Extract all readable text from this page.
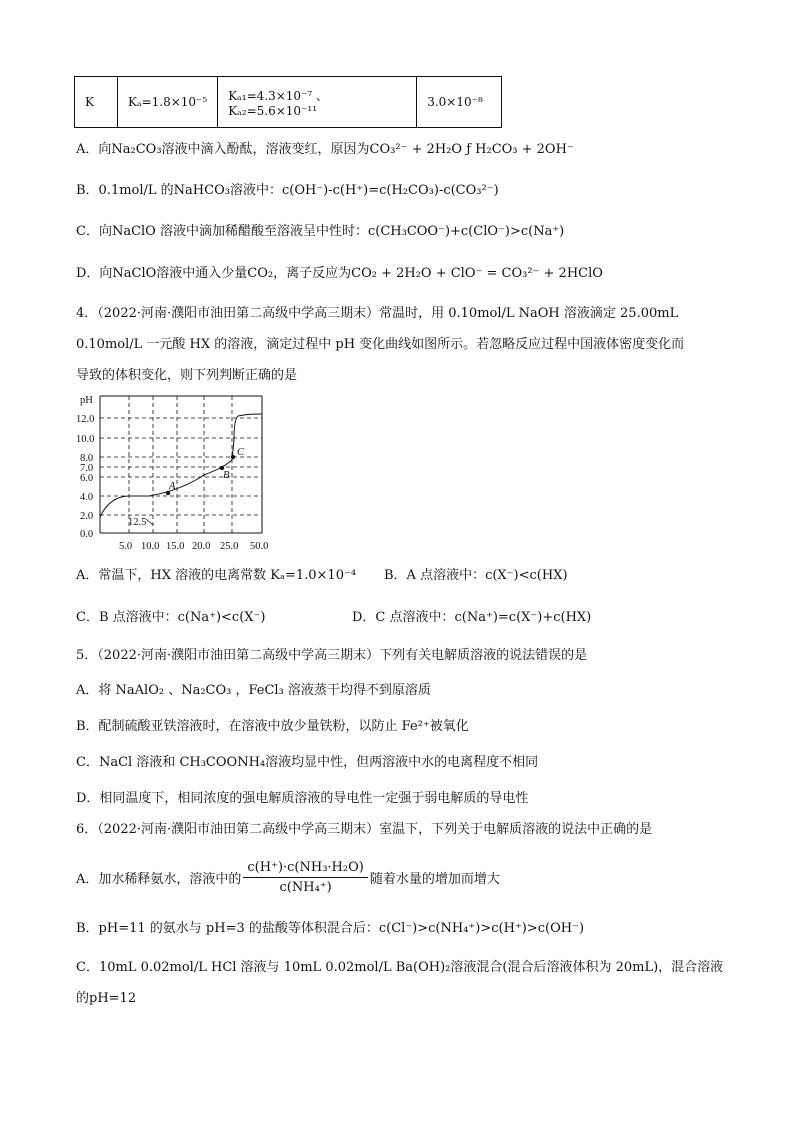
K	Kₐ=1.8×10⁻⁵	Kₐ₁=4.3×10⁻⁷ 、 Kₐ₂=5.6×10⁻¹¹	3.0×10⁻⁸
A．向Na₂CO₃溶液中滴入酚酞，溶液变红，原因为CO₃²⁻ + 2H₂O ƒ H₂CO₃ + 2OH⁻
B．0.1mol/L 的NaHCO₃溶液中：c(OH⁻)-c(H⁺)=c(H₂CO₃)-c(CO₃²⁻)
C．向NaClO 溶液中滴加稀醋酸至溶液呈中性时：c(CH₃COO⁻)+c(ClO⁻)>c(Na⁺)
D．向NaClO溶液中通入少量CO₂，离子反应为CO₂ + 2H₂O + ClO⁻ = CO₃²⁻ + 2HClO
4．（2022·河南·濮阳市油田第二高级中学高三期末）常温时，用 0.10mol/L NaOH 溶液滴定 25.00mL
0.10mol/L 一元酸 HX 的溶液，滴定过程中 pH 变化曲线如图所示。若忽略反应过程中国液体密度变化而
导致的体积变化，则下列判断正确的是
pH
12.0
10.0
8.0
7.0
6.0
4.0
2.0
0.0
5.0 10.0 15.0 20.0 25.0 50.0
12.5
A
B
C
A．常温下，HX 溶液的电离常数 Kₐ=1.0×10⁻⁴ B．A 点溶液中：c(X⁻)<c(HX)
C．B 点溶液中：c(Na⁺)<c(X⁻)	D．C 点溶液中：c(Na⁺)=c(X⁻)+c(HX)
5．（2022·河南·濮阳市油田第二高级中学高三期末）下列有关电解质溶液的说法错误的是
A．将 NaAlO₂ 、Na₂CO₃ ，FeCl₃ 溶液蒸干均得不到原溶质
B．配制硫酸亚铁溶液时，在溶液中放少量铁粉，以防止 Fe²⁺被氧化
C．NaCl 溶液和 CH₃COONH₄溶液均显中性，但两溶液中水的电离程度不相同
D．相同温度下，相同浓度的强电解质溶液的导电性一定强于弱电解质的导电性
6．（2022·河南·濮阳市油田第二高级中学高三期末）室温下，下列关于电解质溶液的说法中正确的是
A．加水稀释氨水，溶液中的 $\frac{\text{c(H⁺)·c(NH₃·H₂O)}}{\text{c(NH₄⁺)}}$ 随着水量的增加而增大
B．pH=11 的氨水与 pH=3 的盐酸等体积混合后：c(Cl⁻)>c(NH₄⁺)>c(H⁺)>c(OH⁻)
C．10mL 0.02mol/L HCl 溶液与 10mL 0.02mol/L Ba(OH)₂溶液混合(混合后溶液体积为 20mL)，混合溶液
的pH=12
